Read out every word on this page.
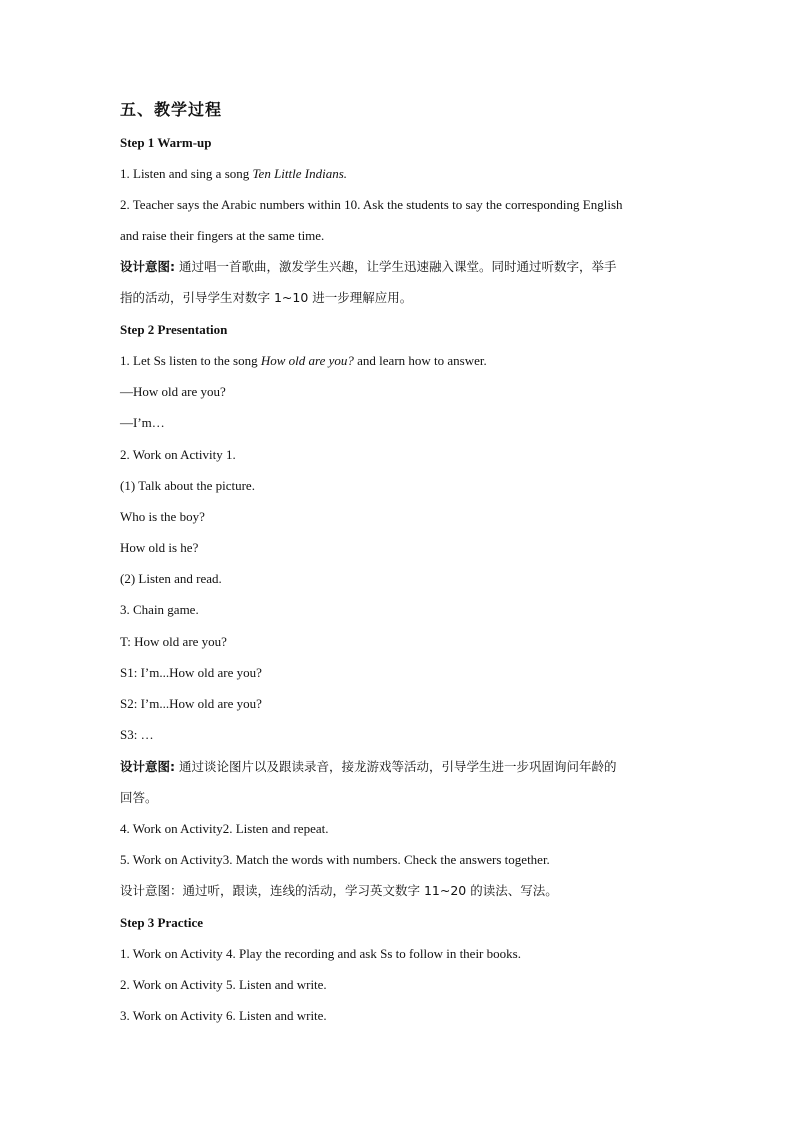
五、教学过程
Step 1 Warm-up
1. Listen and sing a song Ten Little Indians.
2. Teacher says the Arabic numbers within 10. Ask the students to say the corresponding English
and raise their fingers at the same time.
设计意图: 通过唱一首歌曲，激发学生兴趣，让学生迅速融入课堂。同时通过听数字，举手
指的活动，引导学生对数字 1~10 进一步理解应用。
Step 2 Presentation
1. Let Ss listen to the song How old are you? and learn how to answer.
—How old are you?
—I’m…
2. Work on Activity 1.
(1) Talk about the picture.
Who is the boy?
How old is he?
(2) Listen and read.
3. Chain game.
T: How old are you?
S1: I’m...How old are you?
S2: I’m...How old are you?
S3: …
设计意图: 通过谈论图片以及跟读录音，接龙游戏等活动，引导学生进一步巩固询问年龄的
回答。
4. Work on Activity2. Listen and repeat.
5. Work on Activity3. Match the words with numbers. Check the answers together.
设计意图：通过听，跟读，连线的活动，学习英文数字 11~20 的读法、写法。
Step 3 Practice
1. Work on Activity 4. Play the recording and ask Ss to follow in their books.
2. Work on Activity 5. Listen and write.
3. Work on Activity 6. Listen and write.
